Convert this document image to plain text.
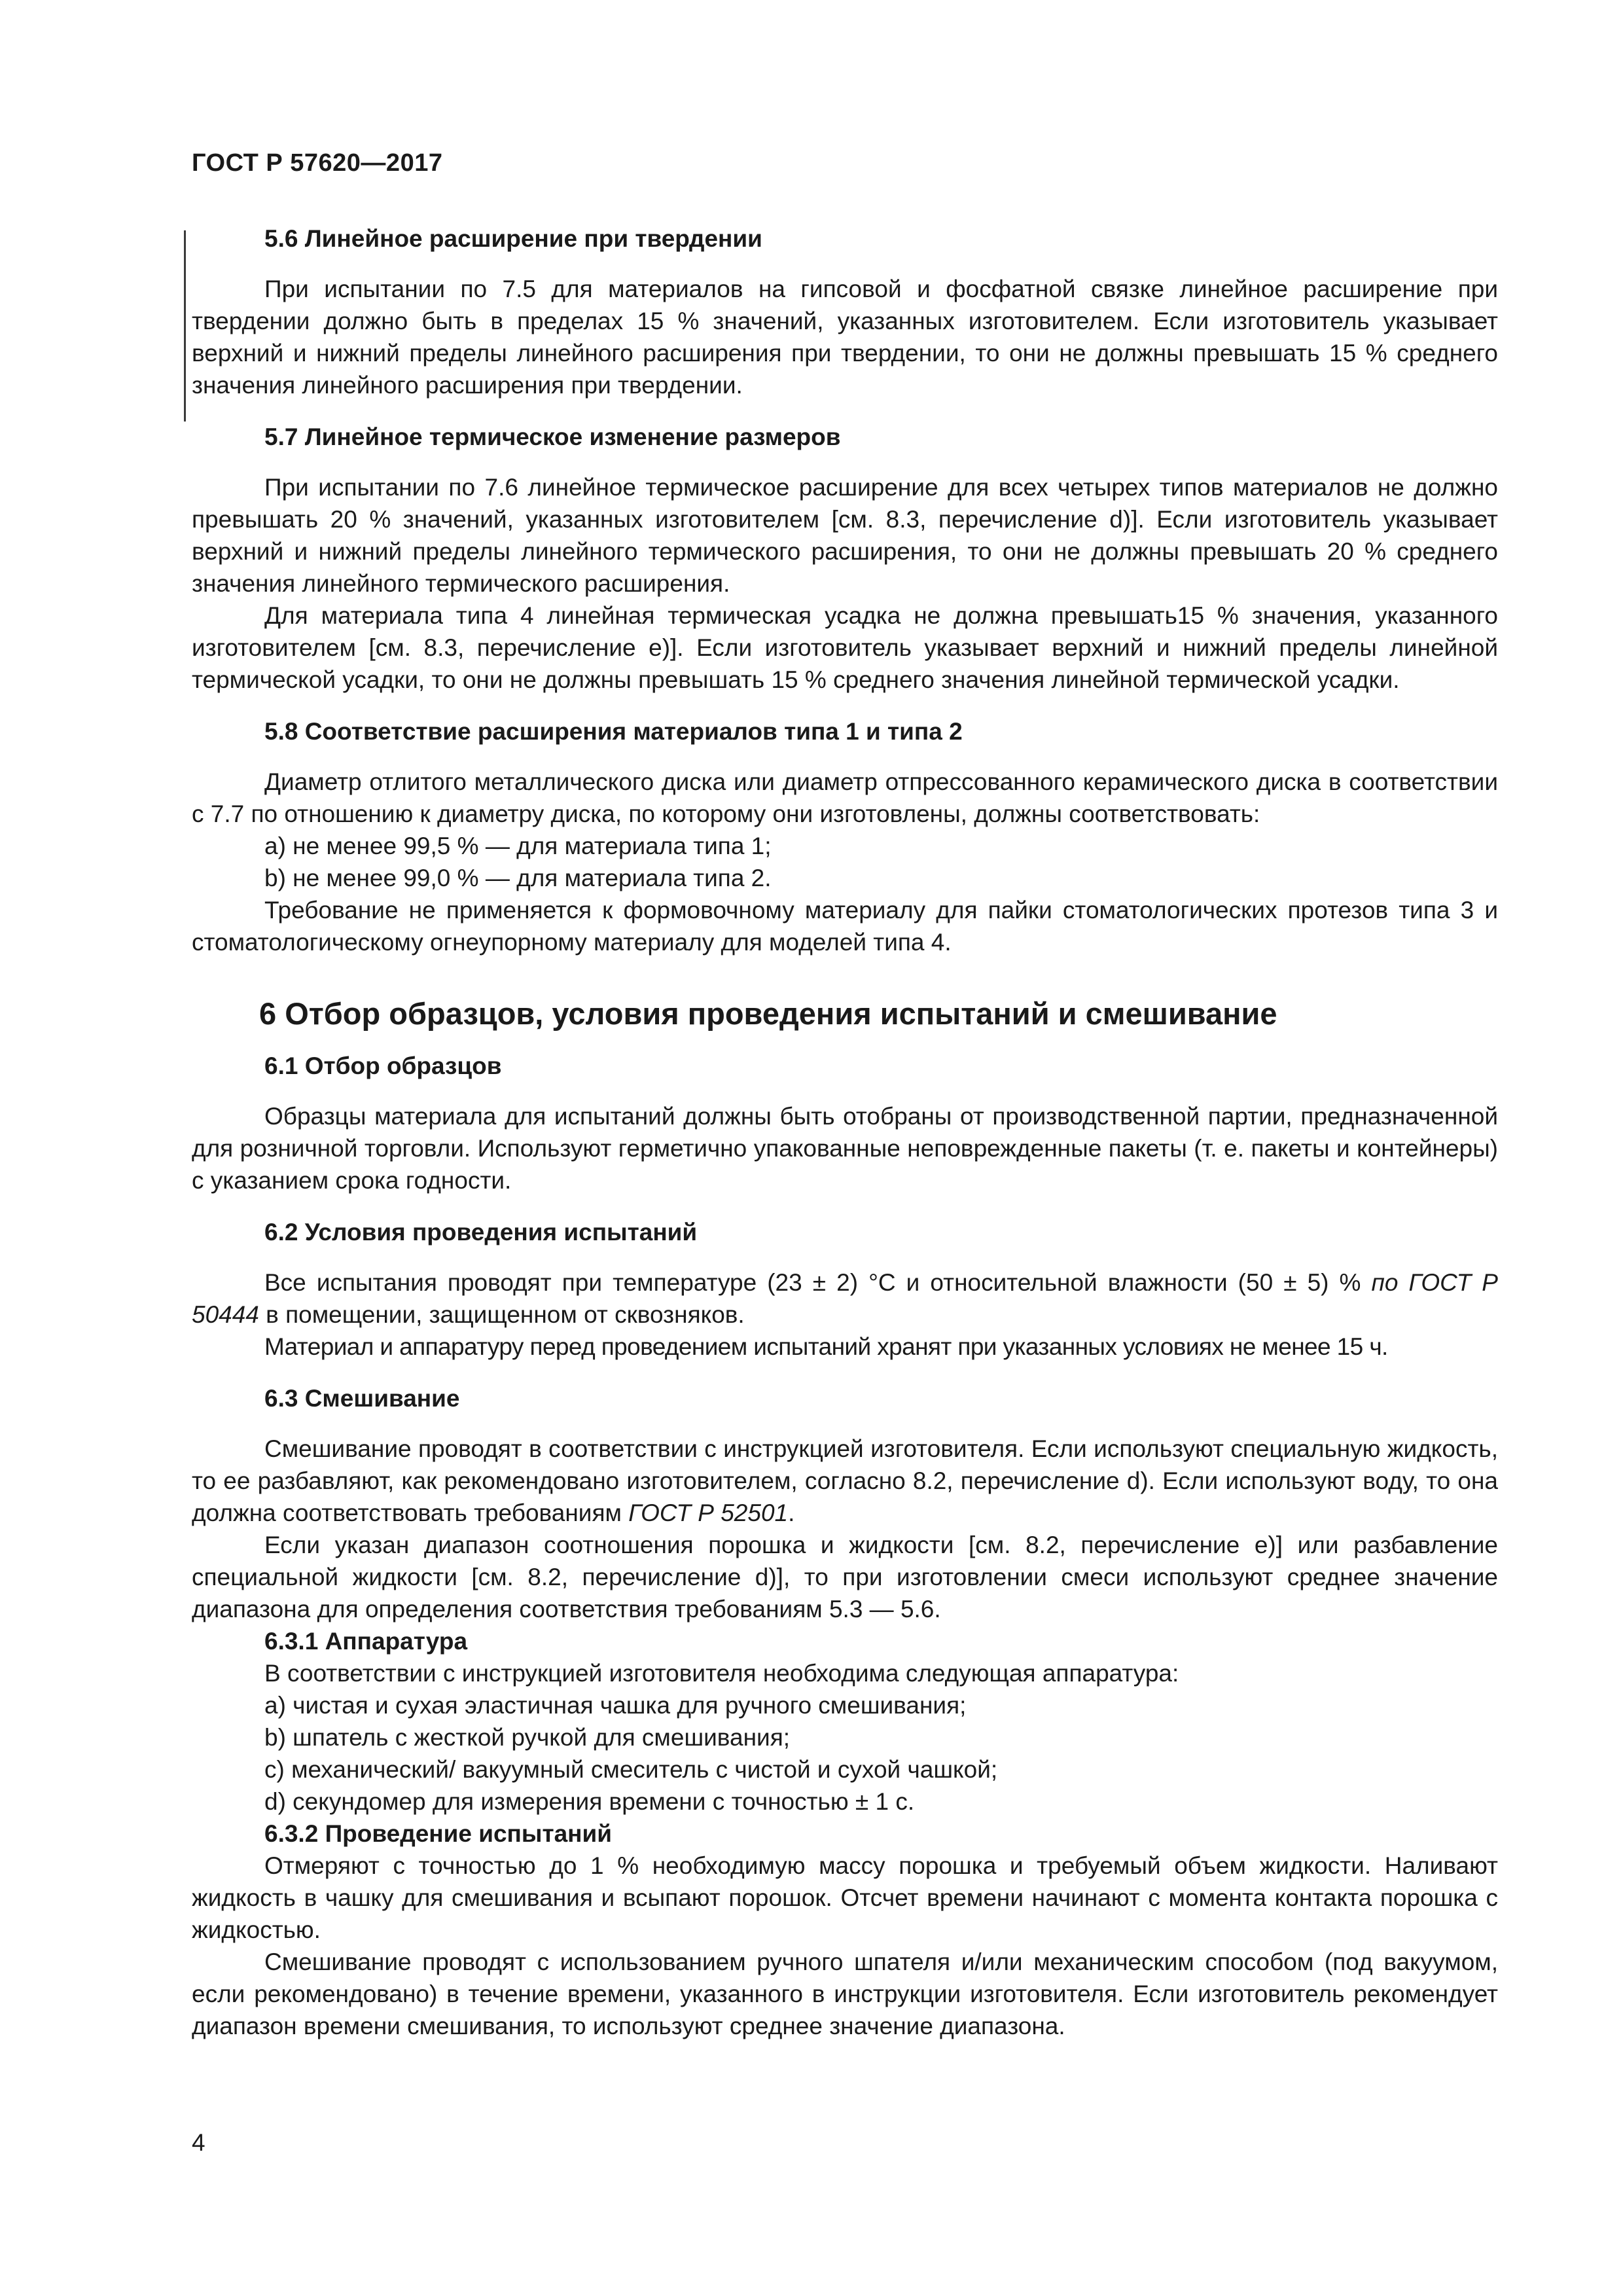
ГОСТ Р 57620—2017
5.6 Линейное расширение при твердении

При испытании по 7.5 для материалов на гипсовой и фосфатной связке линейное расширение при твердении должно быть в пределах 15 % значений, указанных изготовителем. Если изготовитель указывает верхний и нижний пределы линейного расширения при твердении, то они не должны превышать 15 % среднего значения линейного расширения при твердении.

5.7 Линейное термическое изменение размеров

При испытании по 7.6 линейное термическое расширение для всех четырех типов материалов не должно превышать 20 % значений, указанных изготовителем [см. 8.3, перечисление d)]. Если изготовитель указывает верхний и нижний пределы линейного термического расширения, то они не должны превышать 20 % среднего значения линейного термического расширения.

Для материала типа 4 линейная термическая усадка не должна превышать15 % значения, указанного изготовителем [см. 8.3, перечисление е)]. Если изготовитель указывает верхний и нижний пределы линейной термической усадки, то они не должны превышать 15 % среднего значения линейной термической усадки.

5.8 Соответствие расширения материалов типа 1 и типа 2

Диаметр отлитого металлического диска или диаметр отпрессованного керамического диска в соответствии с 7.7 по отношению к диаметру диска, по которому они изготовлены, должны соответствовать:

a) не менее 99,5 % — для материала типа 1;

b) не менее 99,0 % — для материала типа 2.

Требование не применяется к формовочному материалу для пайки стоматологических протезов типа 3 и стоматологическому огнеупорному материалу для моделей типа 4.

6 Отбор образцов, условия проведения испытаний и смешивание
6.1 Отбор образцов

Образцы материала для испытаний должны быть отобраны от производственной партии, предназначенной для розничной торговли. Используют герметично упакованные неповрежденные пакеты (т. е. пакеты и контейнеры) с указанием срока годности.

6.2 Условия проведения испытаний

Все испытания проводят при температуре (23 ± 2) °С и относительной влажности (50 ± 5) % по ГОСТ Р 50444 в помещении, защищенном от сквозняков.

Материал и аппаратуру перед проведением испытаний хранят при указанных условиях не менее 15 ч.

6.3 Смешивание

Смешивание проводят в соответствии с инструкцией изготовителя. Если используют специальную жидкость, то ее разбавляют, как рекомендовано изготовителем, согласно 8.2, перечисление d). Если используют воду, то она должна соответствовать требованиям ГОСТ Р 52501.

Если указан диапазон соотношения порошка и жидкости [см. 8.2, перечисление е)] или разбавление специальной жидкости [см. 8.2, перечисление d)], то при изготовлении смеси используют среднее значение диапазона для определения соответствия требованиям 5.3 — 5.6.

6.3.1 Аппаратура

В соответствии с инструкцией изготовителя необходима следующая аппаратура:

a) чистая и сухая эластичная чашка для ручного смешивания;

b) шпатель с жесткой ручкой для смешивания;

c) механический/ вакуумный смеситель с чистой и сухой чашкой;

d) секундомер для измерения времени с точностью ± 1 с.

6.3.2 Проведение испытаний

Отмеряют с точностью до 1 % необходимую массу порошка и требуемый объем жидкости. Наливают жидкость в чашку для смешивания и всыпают порошок. Отсчет времени начинают с момента контакта порошка с жидкостью.

Смешивание проводят с использованием ручного шпателя и/или механическим способом (под вакуумом, если рекомендовано) в течение времени, указанного в инструкции изготовителя. Если изготовитель рекомендует диапазон времени смешивания, то используют среднее значение диапазона.

4
